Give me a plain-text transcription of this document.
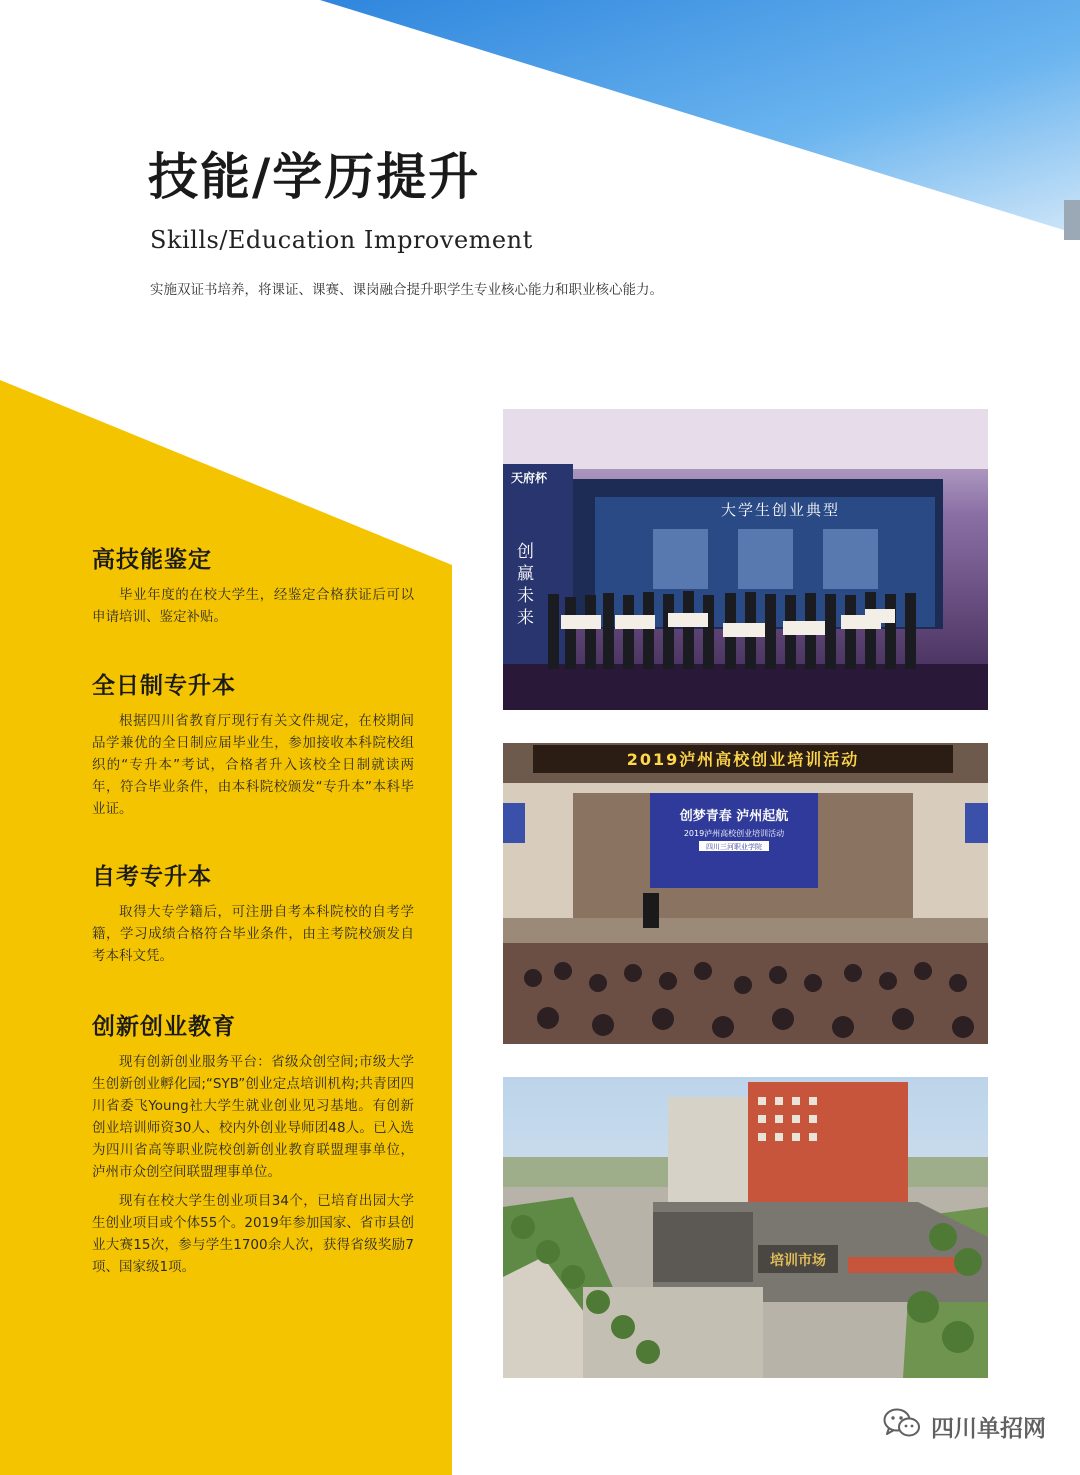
技能/学历提升
Skills/Education Improvement
实施双证书培养，将课证、课赛、课岗融合提升职学生专业核心能力和职业核心能力。
高技能鉴定

毕业年度的在校大学生，经鉴定合格获证后可以申请培训、鉴定补贴。

全日制专升本

根据四川省教育厅现行有关文件规定，在校期间品学兼优的全日制应届毕业生，参加接收本科院校组织的“专升本”考试，合格者升入该校全日制就读两年，符合毕业条件，由本科院校颁发“专升本”本科毕业证。

自考专升本

取得大专学籍后，可注册自考本科院校的自考学籍，学习成绩合格符合毕业条件，由主考院校颁发自考本科文凭。

创新创业教育

现有创新创业服务平台：省级众创空间;市级大学生创新创业孵化园;“SYB”创业定点培训机构;共青团四川省委飞Young社大学生就业创业见习基地。有创新创业培训师资30人、校内外创业导师团48人。已入选为四川省高等职业院校创新创业教育联盟理事单位，泸州市众创空间联盟理事单位。

现有在校大学生创业项目34个，已培育出园大学生创业项目或个体55个。2019年参加国家、省市县创业大赛15次，参与学生1700余人次，获得省级奖励7项、国家级1项。

天府杯
创
赢
未
来
大学生创业典型
2019泸州高校创业培训活动
创梦青春 泸州起航
2019泸州高校创业培训活动
四川三河职业学院
培训市场
四川单招网
